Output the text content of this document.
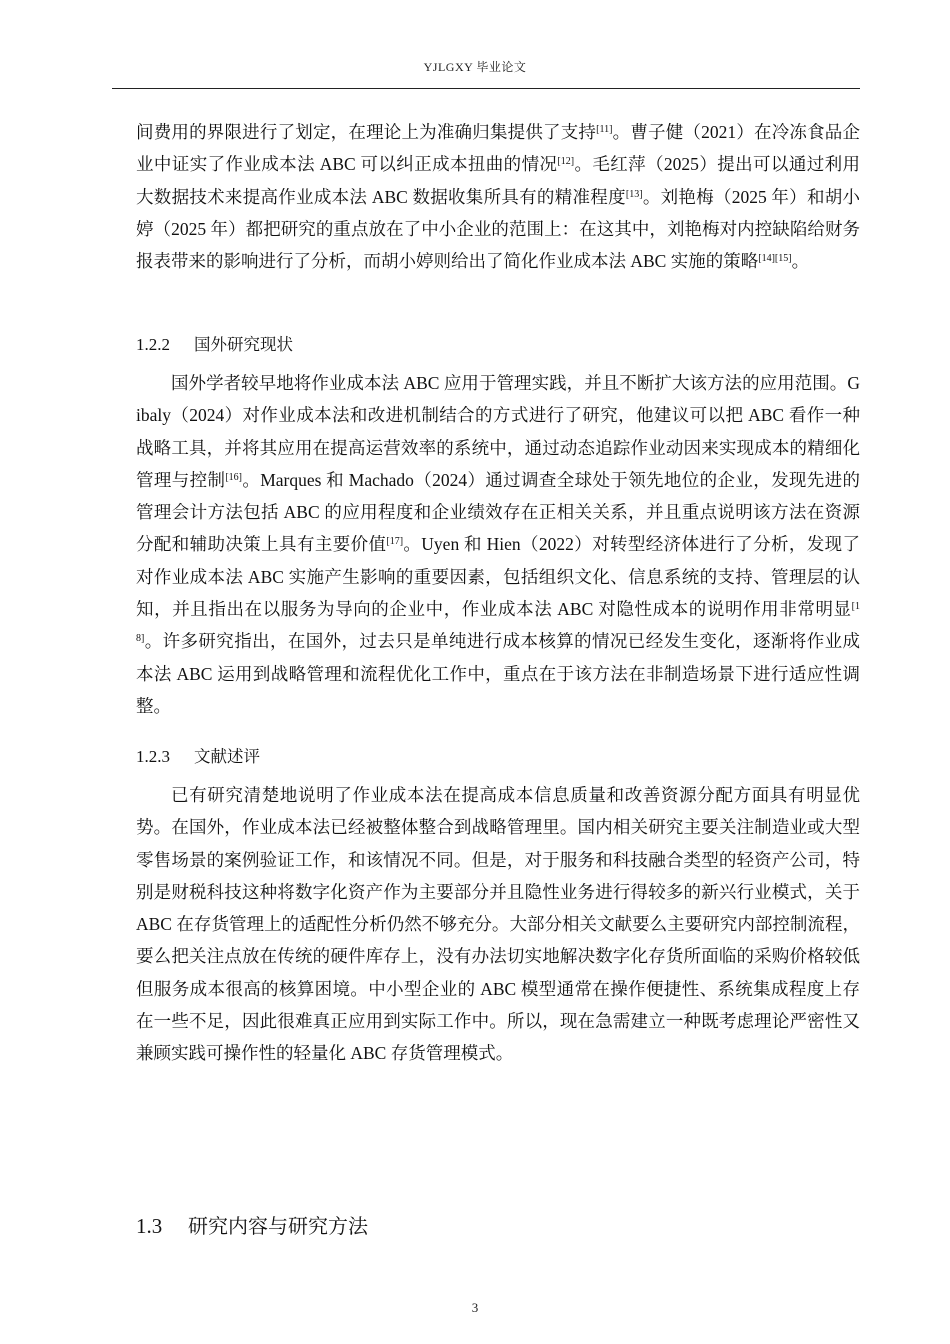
YJLGXY 毕业论文

间费用的界限进行了划定，在理论上为准确归集提供了支持[11]。曹子健（2021）在冷冻食品企业中证实了作业成本法 ABC 可以纠正成本扭曲的情况[12]。毛红萍（2025）提出可以通过利用大数据技术来提高作业成本法 ABC 数据收集所具有的精准程度[13]。刘艳梅（2025 年）和胡小婷（2025 年）都把研究的重点放在了中小企业的范围上：在这其中，刘艳梅对内控缺陷给财务报表带来的影响进行了分析，而胡小婷则给出了简化作业成本法 ABC 实施的策略[14][15]。

1.2.2 国外研究现状

国外学者较早地将作业成本法 ABC 应用于管理实践，并且不断扩大该方法的应用范围。Gibaly（2024）对作业成本法和改进机制结合的方式进行了研究，他建议可以把 ABC 看作一种战略工具，并将其应用在提高运营效率的系统中，通过动态追踪作业动因来实现成本的精细化管理与控制[16]。Marques 和 Machado（2024）通过调查全球处于领先地位的企业，发现先进的管理会计方法包括 ABC 的应用程度和企业绩效存在正相关关系，并且重点说明该方法在资源分配和辅助决策上具有主要价值[17]。Uyen 和 Hien（2022）对转型经济体进行了分析，发现了对作业成本法 ABC 实施产生影响的重要因素，包括组织文化、信息系统的支持、管理层的认知，并且指出在以服务为导向的企业中，作业成本法 ABC 对隐性成本的说明作用非常明显[18]。许多研究指出，在国外，过去只是单纯进行成本核算的情况已经发生变化，逐渐将作业成本法 ABC 运用到战略管理和流程优化工作中，重点在于该方法在非制造场景下进行适应性调整。

1.2.3 文献述评

已有研究清楚地说明了作业成本法在提高成本信息质量和改善资源分配方面具有明显优势。在国外，作业成本法已经被整体整合到战略管理里。国内相关研究主要关注制造业或大型零售场景的案例验证工作，和该情况不同。但是，对于服务和科技融合类型的轻资产公司，特别是财税科技这种将数字化资产作为主要部分并且隐性业务进行得较多的新兴行业模式，关于 ABC 在存货管理上的适配性分析仍然不够充分。大部分相关文献要么主要研究内部控制流程，要么把关注点放在传统的硬件库存上，没有办法切实地解决数字化存货所面临的采购价格较低但服务成本很高的核算困境。中小型企业的 ABC 模型通常在操作便捷性、系统集成程度上存在一些不足，因此很难真正应用到实际工作中。所以，现在急需建立一种既考虑理论严密性又兼顾实践可操作性的轻量化 ABC 存货管理模式。

1.3 研究内容与研究方法
3
